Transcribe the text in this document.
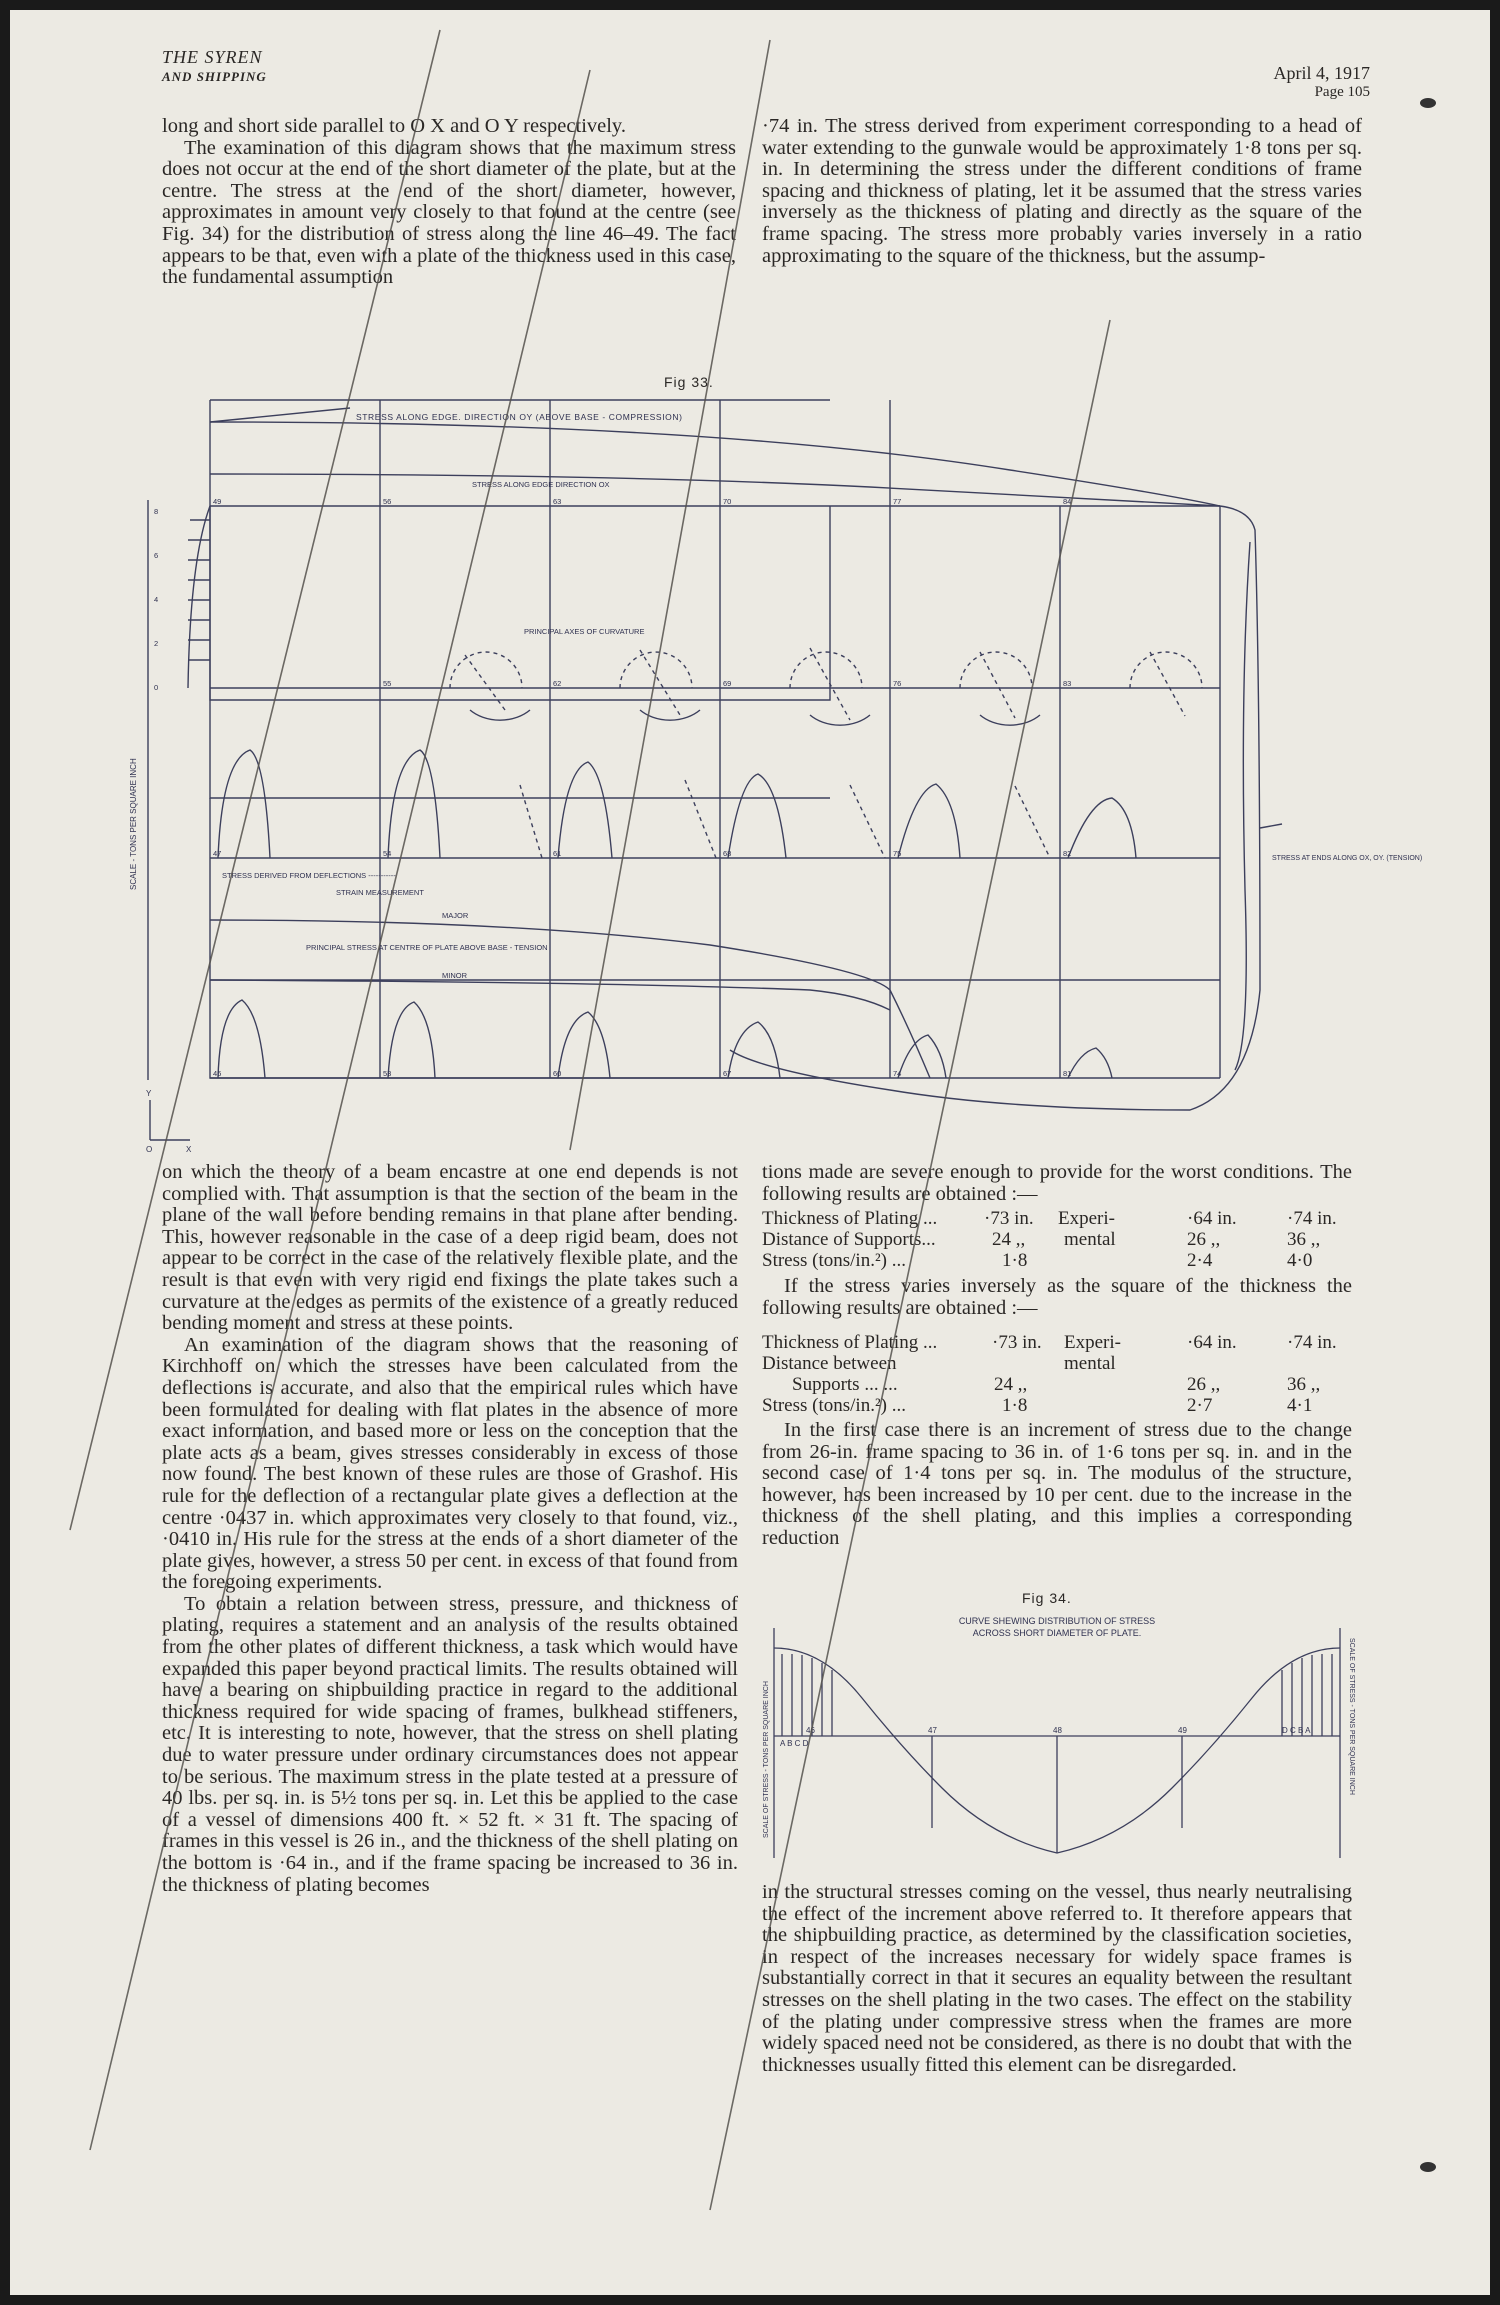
THE SYREN
AND SHIPPING	April 4, 1917
Page 105

long and short side parallel to O X and O Y respectively.

The examination of this diagram shows that the maximum stress does not occur at the end of the short diameter of the plate, but at the centre. The stress at the end of the short diameter, however, approximates in amount very closely to that found at the centre (see Fig. 34) for the distribution of stress along the line 46–49. The fact appears to be that, even with a plate of the thickness used in this case, the fundamental assumption

·74 in. The stress derived from experiment corresponding to a head of water extending to the gunwale would be approximately 1·8 tons per sq. in. In determining the stress under the different conditions of frame spacing and thickness of plating, let it be assumed that the stress varies inversely as the thickness of plating and directly as the square of the frame spacing. The stress more probably varies inversely in a ratio approximating to the square of the thickness, but the assump-

Fig 33.
STRESS ALONG EDGE. DIRECTION OY (ABOVE BASE - COMPRESSION)
STRESS ALONG EDGE DIRECTION OX
PRINCIPAL AXES OF CURVATURE
STRESS DERIVED FROM DEFLECTIONS -----------
STRAIN MEASUREMENT
MAJOR
PRINCIPAL STRESS AT CENTRE OF PLATE ABOVE BASE - TENSION
MINOR
STRESS AT ENDS ALONG OX, OY. (TENSION)
SCALE - TONS PER SQUARE INCH
Y
O	X
49	56	63	70	77	84
55	62	69	76	83
47	54	61	68	75	82
46	53	60	67	74	81
8
6
4
2
0

on which the theory of a beam encastre at one end depends is not complied with. That assumption is that the section of the beam in the plane of the wall before bending remains in that plane after bending. This, however reasonable in the case of a deep rigid beam, does not appear to be correct in the case of the relatively flexible plate, and the result is that even with very rigid end fixings the plate takes such a curvature at the edges as permits of the existence of a greatly reduced bending moment and stress at these points.

An examination of the diagram shows that the reasoning of Kirchhoff on which the stresses have been calculated from the deflections is accurate, and also that the empirical rules which have been formulated for dealing with flat plates in the absence of more exact information, and based more or less on the conception that the plate acts as a beam, gives stresses considerably in excess of those now found. The best known of these rules are those of Grashof. His rule for the deflection of a rectangular plate gives a deflection at the centre ·0437 in. which approximates very closely to that found, viz., ·0410 in. His rule for the stress at the ends of a short diameter of the plate gives, however, a stress 50 per cent. in excess of that found from the foregoing experiments.

To obtain a relation between stress, pressure, and thickness of plating, requires a statement and an analysis of the results obtained from the other plates of different thickness, a task which would have expanded this paper beyond practical limits. The results obtained will have a bearing on shipbuilding practice in regard to the additional thickness required for wide spacing of frames, bulkhead stiffeners, etc. It is interesting to note, however, that the stress on shell plating due to water pressure under ordinary circumstances does not appear to be serious. The maximum stress in the plate tested at a pressure of 40 lbs. per sq. in. is 5½ tons per sq. in. Let this be applied to the case of a vessel of dimensions 400 ft. × 52 ft. × 31 ft. The spacing of frames in this vessel is 26 in., and the thickness of the shell plating on the bottom is ·64 in., and if the frame spacing be increased to 36 in. the thickness of plating becomes

tions made are severe enough to provide for the worst conditions. The following results are obtained :—

Thickness of Plating ... ·73 in. Experi-	·64 in.	·74 in.
Distance of Supports...	24 ,, mental	26 ,,	36 ,,
Stress (tons/in.²) ...	1·8	2·4	4·0

If the stress varies inversely as the square of the thickness the following results are obtained :—

Thickness of Plating ...	·73 in. Experi-	·64 in.	·74 in.
Distance between	mental
Supports ... ...	24 ,,	26 ,,	36 ,,
Stress (tons/in.²) ...	1·8	2·7	4·1

In the first case there is an increment of stress due to the change from 26-in. frame spacing to 36 in. of 1·6 tons per sq. in. and in the second case of 1·4 tons per sq. in. The modulus of the structure, however, has been increased by 10 per cent. due to the increase in the thickness of the shell plating, and this implies a corresponding reduction

Fig 34.
CURVE SHEWING DISTRIBUTION OF STRESS
ACROSS SHORT DIAMETER OF PLATE.
46	47	48	49
A B C D
D C B A
SCALE OF STRESS - TONS PER SQUARE INCH	SCALE OF STRESS - TONS PER SQUARE INCH

in the structural stresses coming on the vessel, thus nearly neutralising the effect of the increment above referred to. It therefore appears that the shipbuilding practice, as determined by the classification societies, in respect of the increases necessary for widely space frames is substantially correct in that it secures an equality between the resultant stresses on the shell plating in the two cases. The effect on the stability of the plating under compressive stress when the frames are more widely spaced need not be considered, as there is no doubt that with the thicknesses usually fitted this element can be disregarded.
